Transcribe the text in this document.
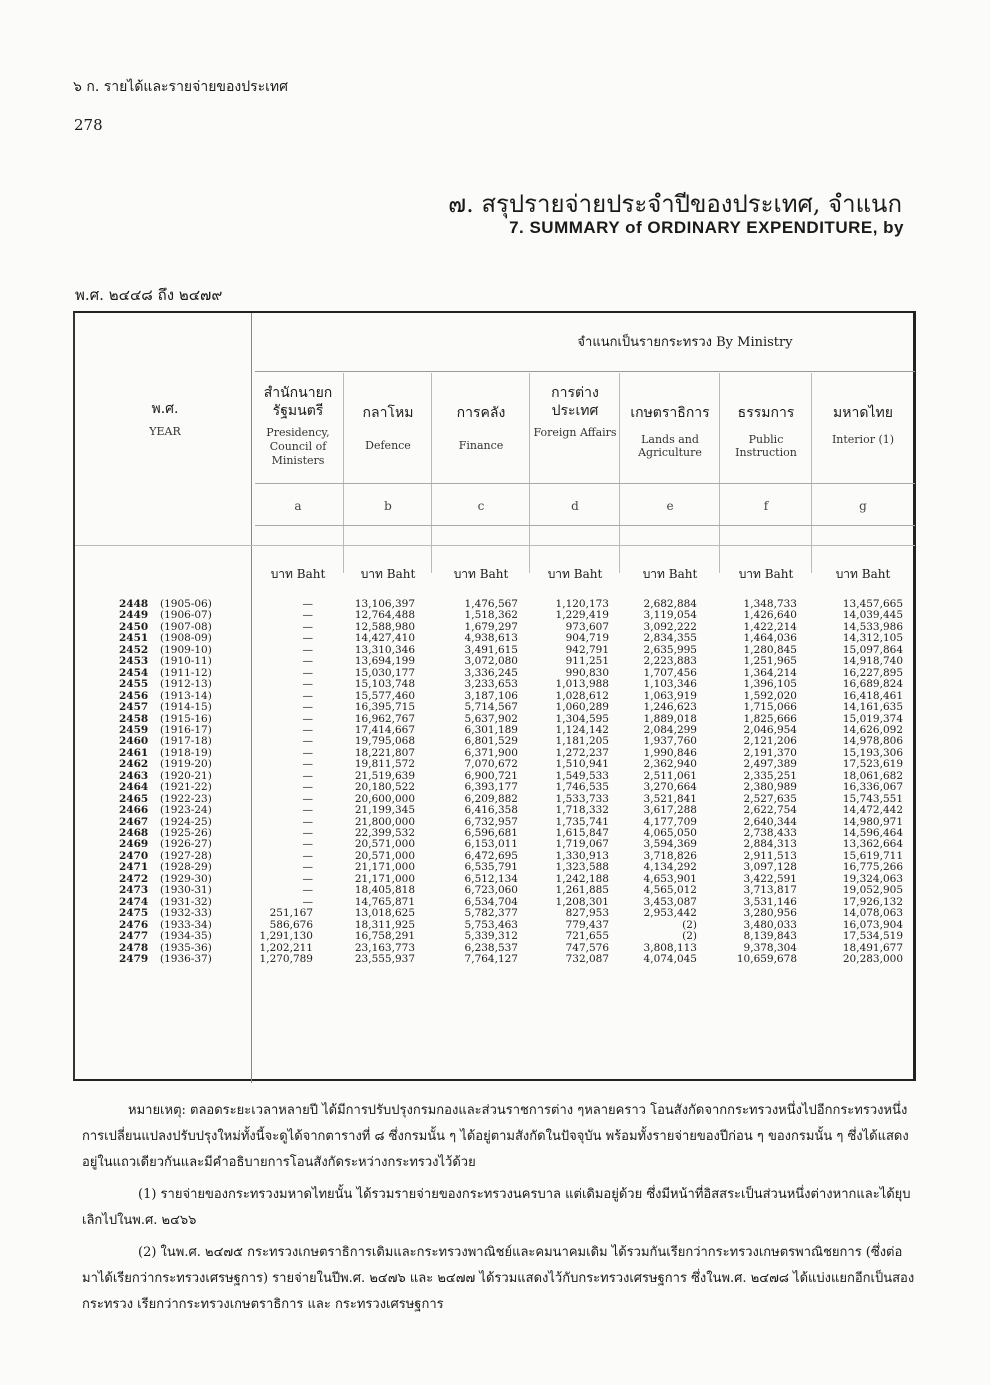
๖ ก. รายได้และรายจ่ายของประเทศ
278
๗. สรุปรายจ่ายประจำปีของประเทศ, จำแนก
7. SUMMARY of ORDINARY EXPENDITURE, by
พ.ศ. ๒๔๔๘ ถึง ๒๔๗๙
จำแนกเป็นรายกระทรวง By Ministry
พ.ศ.
YEAR
สำนักนายก รัฐมนตรี
Presidency, Council of Ministers
กลาโหม
Defence
การคลัง
Finance
การต่าง ประเทศ
Foreign Affairs
เกษตราธิการ
Lands and Agriculture
ธรรมการ
Public Instruction
มหาดไทย
Interior (1)
a	b	c	d	e	f	g
บาท Baht	บาท Baht	บาท Baht	บาท Baht	บาท Baht	บาท Baht	บาท Baht
2448 (1905-06)	—	13,106,397	1,476,567	1,120,173	2,682,884	1,348,733	13,457,665
2449 (1906-07)	—	12,764,488	1,518,362	1,229,419	3,119,054	1,426,640	14,039,445
2450 (1907-08)	—	12,588,980	1,679,297	973,607	3,092,222	1,422,214	14,533,986
2451 (1908-09)	—	14,427,410	4,938,613	904,719	2,834,355	1,464,036	14,312,105
2452 (1909-10)	—	13,310,346	3,491,615	942,791	2,635,995	1,280,845	15,097,864
2453 (1910-11)	—	13,694,199	3,072,080	911,251	2,223,883	1,251,965	14,918,740
2454 (1911-12)	—	15,030,177	3,336,245	990,830	1,707,456	1,364,214	16,227,895
2455 (1912-13)	—	15,103,748	3,233,653	1,013,988	1,103,346	1,396,105	16,689,824
2456 (1913-14)	—	15,577,460	3,187,106	1,028,612	1,063,919	1,592,020	16,418,461
2457 (1914-15)	—	16,395,715	5,714,567	1,060,289	1,246,623	1,715,066	14,161,635
2458 (1915-16)	—	16,962,767	5,637,902	1,304,595	1,889,018	1,825,666	15,019,374
2459 (1916-17)	—	17,414,667	6,301,189	1,124,142	2,084,299	2,046,954	14,626,092
2460 (1917-18)	—	19,795,068	6,801,529	1,181,205	1,937,760	2,121,206	14,978,806
2461 (1918-19)	—	18,221,807	6,371,900	1,272,237	1,990,846	2,191,370	15,193,306
2462 (1919-20)	—	19,811,572	7,070,672	1,510,941	2,362,940	2,497,389	17,523,619
2463 (1920-21)	—	21,519,639	6,900,721	1,549,533	2,511,061	2,335,251	18,061,682
2464 (1921-22)	—	20,180,522	6,393,177	1,746,535	3,270,664	2,380,989	16,336,067
2465 (1922-23)	—	20,600,000	6,209,882	1,533,733	3,521,841	2,527,635	15,743,551
2466 (1923-24)	—	21,199,345	6,416,358	1,718,332	3,617,288	2,622,754	14,472,442
2467 (1924-25)	—	21,800,000	6,732,957	1,735,741	4,177,709	2,640,344	14,980,971
2468 (1925-26)	—	22,399,532	6,596,681	1,615,847	4,065,050	2,738,433	14,596,464
2469 (1926-27)	—	20,571,000	6,153,011	1,719,067	3,594,369	2,884,313	13,362,664
2470 (1927-28)	—	20,571,000	6,472,695	1,330,913	3,718,826	2,911,513	15,619,711
2471 (1928-29)	—	21,171,000	6,535,791	1,323,588	4,134,292	3,097,128	16,775,266
2472 (1929-30)	—	21,171,000	6,512,134	1,242,188	4,653,901	3,422,591	19,324,063
2473 (1930-31)	—	18,405,818	6,723,060	1,261,885	4,565,012	3,713,817	19,052,905
2474 (1931-32)	—	14,765,871	6,534,704	1,208,301	3,453,087	3,531,146	17,926,132
2475 (1932-33)	251,167	13,018,625	5,782,377	827,953	2,953,442	3,280,956	14,078,063
2476 (1933-34)	586,676	18,311,925	5,753,463	779,437	(2)	3,480,033	16,073,904
2477 (1934-35)	1,291,130	16,758,291	5,339,312	721,655	(2)	8,139,843	17,534,519
2478 (1935-36)	1,202,211	23,163,773	6,238,537	747,576	3,808,113	9,378,304	18,491,677
2479 (1936-37)	1,270,789	23,555,937	7,764,127	732,087	4,074,045	10,659,678	20,283,000

หมายเหตุ: ตลอดระยะเวลาหลายปี ได้มีการปรับปรุงกรมกองและส่วนราชการต่าง ๆหลายคราว โอนสังกัดจากกระทรวงหนึ่งไปอีกกระทรวงหนึ่ง การเปลี่ยนแปลงปรับปรุงใหม่ทั้งนี้จะดูได้จากตารางที่ ๘ ซึ่งกรมนั้น ๆ ได้อยู่ตามสังกัดในปัจจุบัน พร้อมทั้งรายจ่ายของปีก่อน ๆ ของกรมนั้น ๆ ซึ่งได้แสดงอยู่ในแถวเดียวกันและมีคำอธิบายการโอนสังกัดระหว่างกระทรวงไว้ด้วย

(1) รายจ่ายของกระทรวงมหาดไทยนั้น ได้รวมรายจ่ายของกระทรวงนครบาล แต่เดิมอยู่ด้วย ซึ่งมีหน้าที่อิสสระเป็นส่วนหนึ่งต่างหากและได้ยุบเลิกไปในพ.ศ. ๒๔๖๖

(2) ในพ.ศ. ๒๔๗๕ กระทรวงเกษตราธิการเดิมและกระทรวงพาณิชย์และคมนาคมเดิม ได้รวมกันเรียกว่ากระทรวงเกษตรพาณิชยการ (ซึ่งต่อมาได้เรียกว่ากระทรวงเศรษฐการ) รายจ่ายในปีพ.ศ. ๒๔๗๖ และ ๒๔๗๗ ได้รวมแสดงไว้กับกระทรวงเศรษฐการ ซึ่งในพ.ศ. ๒๔๗๘ ได้แบ่งแยกอีกเป็นสองกระทรวง เรียกว่ากระทรวงเกษตราธิการ และ กระทรวงเศรษฐการ
